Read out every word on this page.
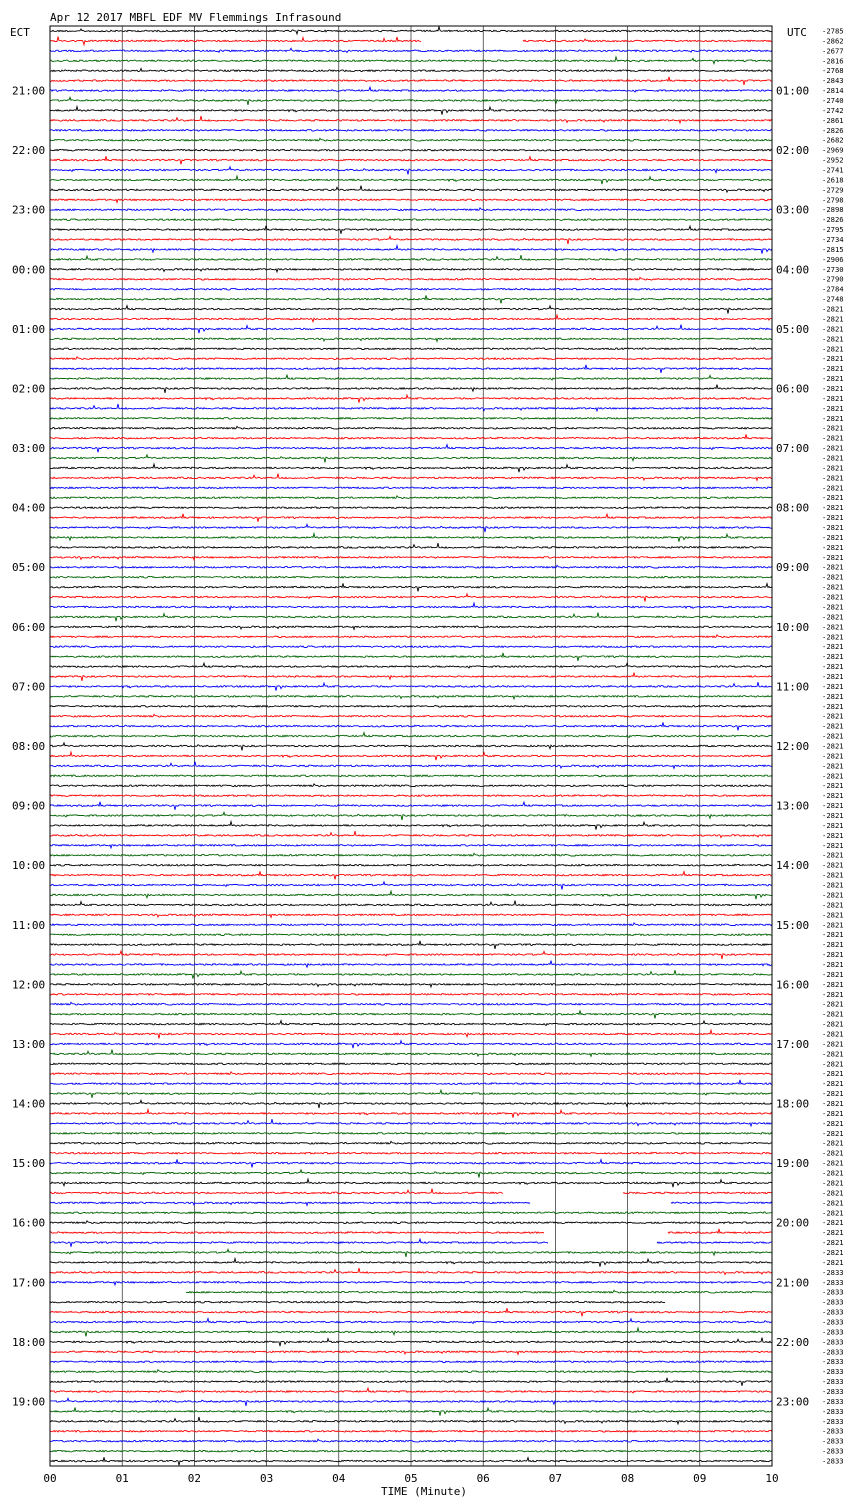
Apr 12 2017 MBFL EDF MV Flemmings Infrasound
ECT	UTC
TIME (Minute)
00	01	02	03	04	05	06	07	08	09	10
-2785
-2862
-2677
-2816
-2768
-2843
-2814
-2740
-2742
-2861
-2826
-2682
-2969
-2952
-2741
-2618
-2729
-2798
-2898
-2826
-2795
-2734
-2815
-2906
-2730
-2790
-2784
-2748
-2821
-2821
-2821
-2821
-2821
-2821
-2821
-2821
-2821
-2821
-2821
-2821
-2821
-2821
-2821
-2821
-2821
-2821
-2821
-2821
-2821
-2821
-2821
-2821
-2821
-2821
-2821
-2821
-2821
-2821
-2821
-2821
-2821
-2821
-2821
-2821
-2821
-2821
-2821
-2821
-2821
-2821
-2821
-2821
-2821
-2821
-2821
-2821
-2821
-2821
-2821
-2821
-2821
-2821
-2821
-2821
-2821
-2821
-2821
-2821
-2821
-2821
-2821
-2821
-2821
-2821
-2821
-2821
-2821
-2821
-2821
-2821
-2821
-2821
-2821
-2821
-2821
-2821
-2821
-2821
-2821
-2821
-2821
-2821
-2821
-2821
-2821
-2821
-2821
-2821
-2821
-2821
-2821
-2821
-2821
-2821
-2821
-2833
-2833
-2833
-2833
-2833
-2833
-2833
-2833
-2833
-2833
-2833
-2833
-2833
-2833
-2833
-2833
-2833
-2833
-2833
-2833
21:00	01:00
22:00	02:00
23:00	03:00
00:00	04:00
01:00	05:00
02:00	06:00
03:00	07:00
04:00	08:00
05:00	09:00
06:00	10:00
07:00	11:00
08:00	12:00
09:00	13:00
10:00	14:00
11:00	15:00
12:00	16:00
13:00	17:00
14:00	18:00
15:00	19:00
16:00	20:00
17:00	21:00
18:00	22:00
19:00	23:00
